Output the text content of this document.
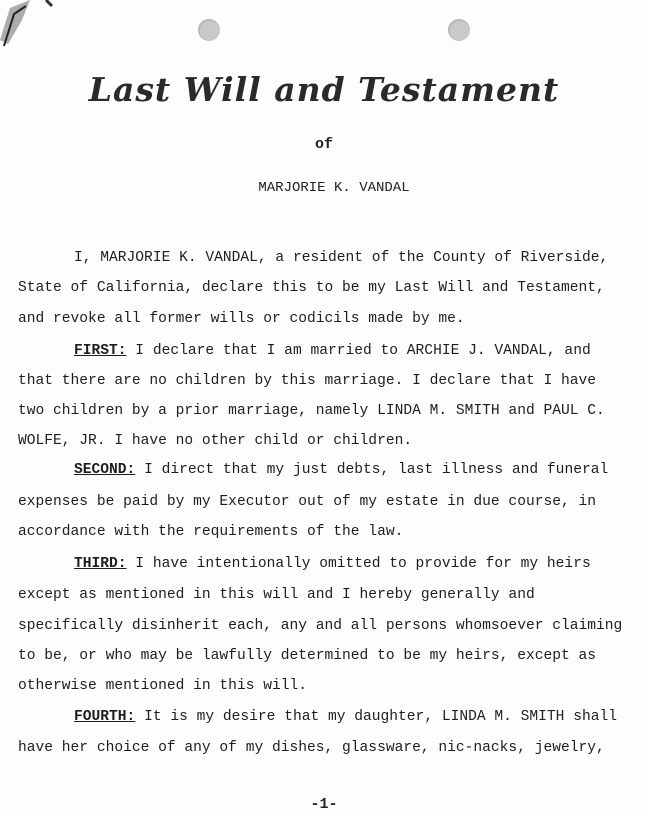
Last Will and Testament
of
MARJORIE K. VANDAL
I, MARJORIE K. VANDAL, a resident of the County of Riverside,
State of California, declare this to be my Last Will and Testament,
and revoke all former wills or codicils made by me.
FIRST: I declare that I am married to ARCHIE J. VANDAL, and
that there are no children by this marriage. I declare that I have
two children by a prior marriage, namely LINDA M. SMITH and PAUL C.
WOLFE, JR. I have no other child or children.
SECOND: I direct that my just debts, last illness and funeral
expenses be paid by my Executor out of my estate in due course, in
accordance with the requirements of the law.
THIRD: I have intentionally omitted to provide for my heirs
except as mentioned in this will and I hereby generally and
specifically disinherit each, any and all persons whomsoever claiming
to be, or who may be lawfully determined to be my heirs, except as
otherwise mentioned in this will.
FOURTH: It is my desire that my daughter, LINDA M. SMITH shall
have her choice of any of my dishes, glassware, nic-nacks, jewelry,
-1-
